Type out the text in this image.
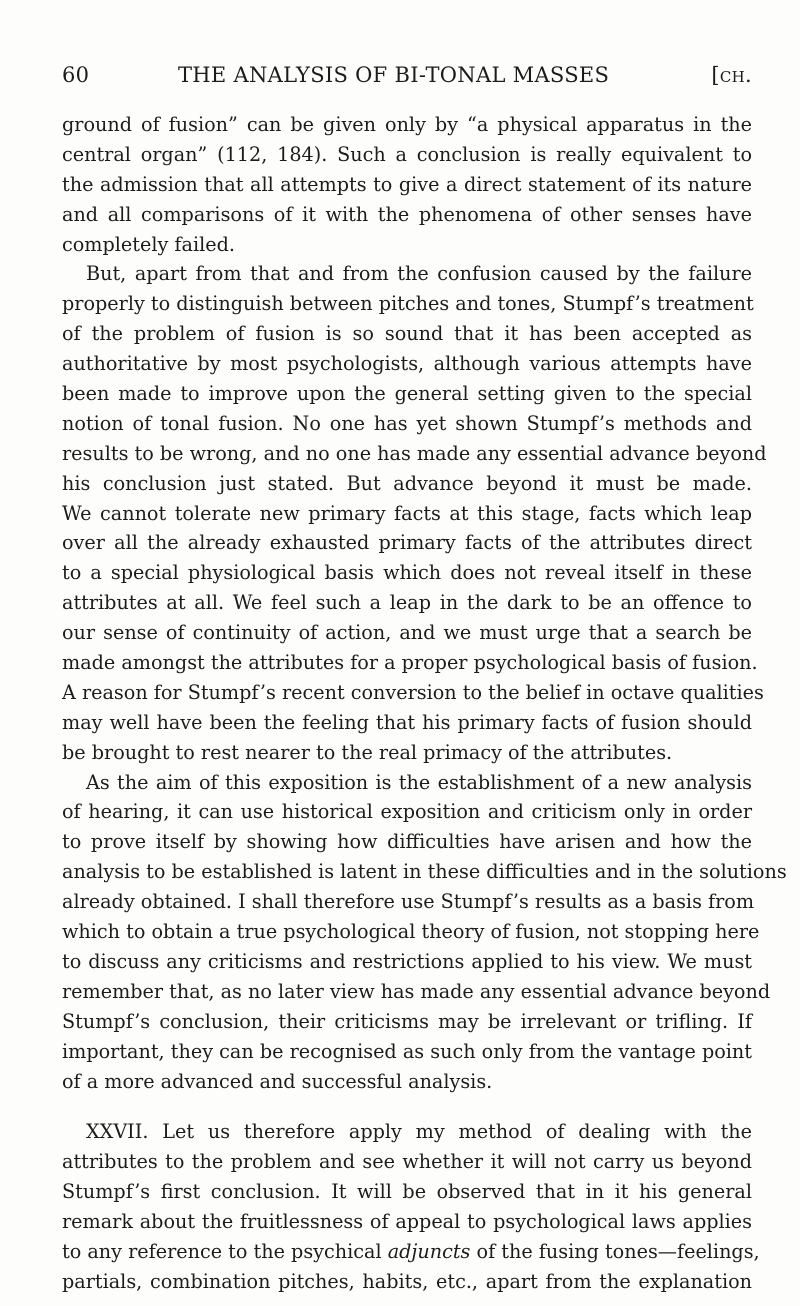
60	THE ANALYSIS OF BI-TONAL MASSES	[ch.
ground of fusion” can be given only by “a physical apparatus in the
central organ” (112, 184). Such a conclusion is really equivalent to
the admission that all attempts to give a direct statement of its nature
and all comparisons of it with the phenomena of other senses have
completely failed.
But, apart from that and from the confusion caused by the failure
properly to distinguish between pitches and tones, Stumpf’s treatment
of the problem of fusion is so sound that it has been accepted as
authoritative by most psychologists, although various attempts have
been made to improve upon the general setting given to the special
notion of tonal fusion. No one has yet shown Stumpf’s methods and
results to be wrong, and no one has made any essential advance beyond
his conclusion just stated. But advance beyond it must be made.
We cannot tolerate new primary facts at this stage, facts which leap
over all the already exhausted primary facts of the attributes direct
to a special physiological basis which does not reveal itself in these
attributes at all. We feel such a leap in the dark to be an offence to
our sense of continuity of action, and we must urge that a search be
made amongst the attributes for a proper psychological basis of fusion.
A reason for Stumpf’s recent conversion to the belief in octave qualities
may well have been the feeling that his primary facts of fusion should
be brought to rest nearer to the real primacy of the attributes.
As the aim of this exposition is the establishment of a new analysis
of hearing, it can use historical exposition and criticism only in order
to prove itself by showing how difficulties have arisen and how the
analysis to be established is latent in these difficulties and in the solutions
already obtained. I shall therefore use Stumpf’s results as a basis from
which to obtain a true psychological theory of fusion, not stopping here
to discuss any criticisms and restrictions applied to his view. We must
remember that, as no later view has made any essential advance beyond
Stumpf’s conclusion, their criticisms may be irrelevant or trifling. If
important, they can be recognised as such only from the vantage point
of a more advanced and successful analysis.
XXVII. Let us therefore apply my method of dealing with the
attributes to the problem and see whether it will not carry us beyond
Stumpf’s first conclusion. It will be observed that in it his general
remark about the fruitlessness of appeal to psychological laws applies
to any reference to the psychical adjuncts of the fusing tones—feelings,
partials, combination pitches, habits, etc., apart from the explanation
